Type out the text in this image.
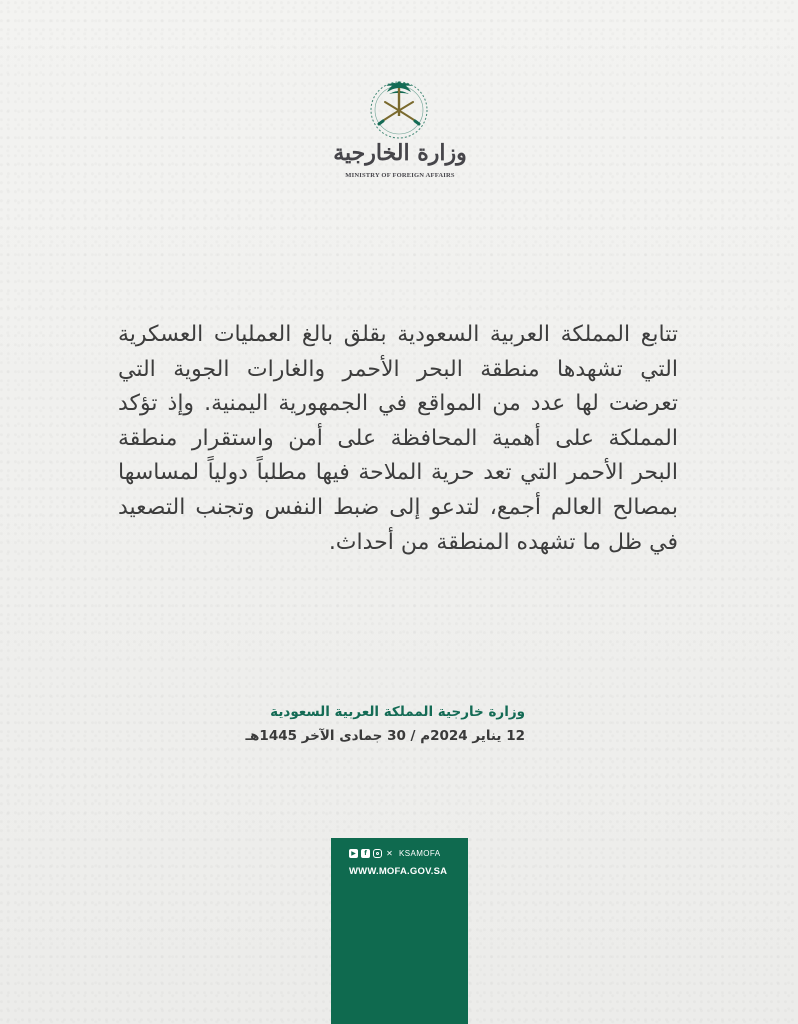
وزارة الخارجية
MINISTRY OF FOREIGN AFFAIRS
تتابع المملكة العربية السعودية بقلق بالغ العمليات العسكرية التي تشهدها منطقة البحر الأحمر والغارات الجوية التي تعرضت لها عدد من المواقع في الجمهورية اليمنية. وإذ تؤكد المملكة على أهمية المحافظة على أمن واستقرار منطقة البحر الأحمر التي تعد حرية الملاحة فيها مطلباً دولياً لمساسها بمصالح العالم أجمع، لتدعو إلى ضبط النفس وتجنب التصعيد في ظل ما تشهده المنطقة من أحداث.
وزارة خارجية المملكة العربية السعودية
12 يناير 2024م / 30 جمادى الآخر 1445هـ
▶	f	✕ KSAMOFA
WWW.MOFA.GOV.SA
